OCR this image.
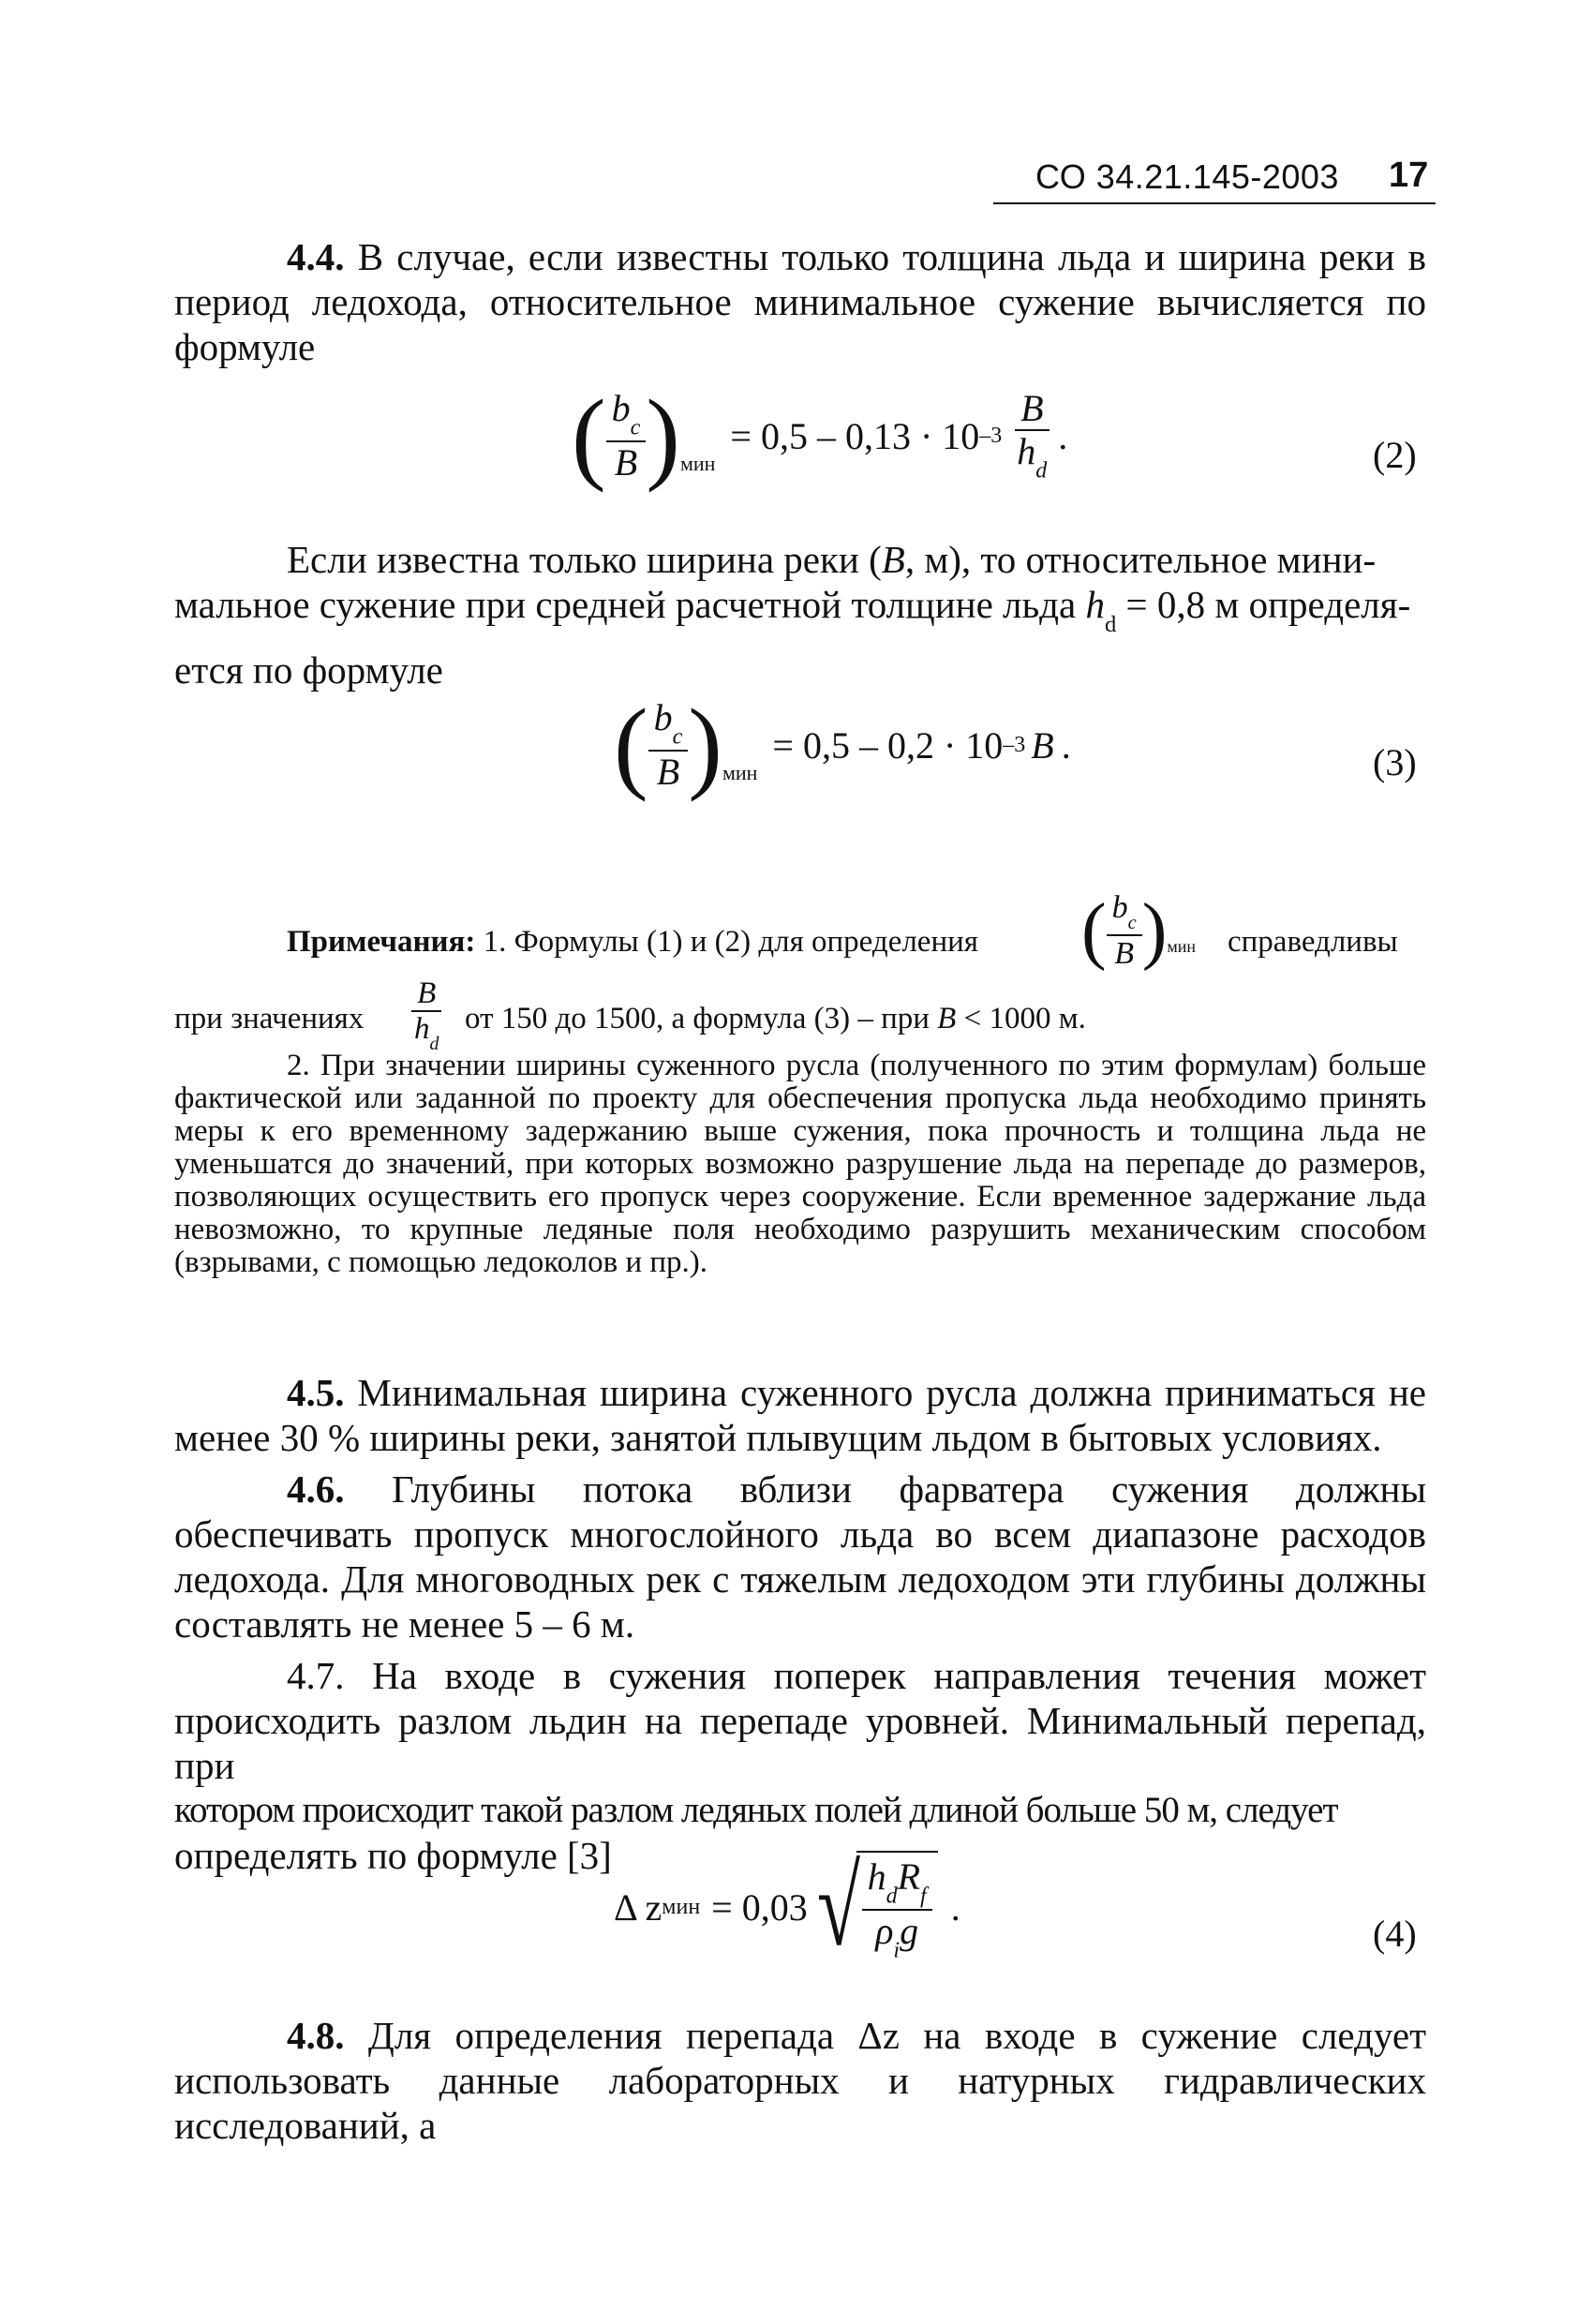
СО 34.21.145-2003 17

4.4. В случае, если известны только толщина льда и ширина реки в период ледохода, относительное минимальное сужение вычисляется по формуле

( $\frac{b_с}{B}$ ) мин
= 0,5 – 0,13 · 10 $-3 \frac{B}{h_d}$ .	(2)
Если известна только ширина реки (B, м), то относительное мини-
мальное сужение при средней расчетной толщине льда $h_d = 0,8$ м определя-
ется по формуле
( $\frac{b_с}{B}$ ) мин
= 0,5 – 0,2 · 10 –3 B .	(3)
Примечания: 1. Формулы (1) и (2) для определения ( $\frac{b_с}{B}$ ) мин справедливы
при значениях $\frac{B}{h_d}$ от 150 до 1500, а формула (3) – при B < 1000 м.

2. При значении ширины суженного русла (полученного по этим формулам) больше фактической или заданной по проекту для обеспечения пропуска льда необходимо принять меры к его временному задержанию выше сужения, пока прочность и толщина льда не уменьшатся до значений, при которых возможно разрушение льда на перепаде до размеров, позволяющих осуществить его пропуск через сооружение. Если временное задержание льда невозможно, то крупные ледяные поля необходимо разрушить механическим способом (взрывами, с помощью ледоколов и пр.).

4.5. Минимальная ширина суженного русла должна приниматься не менее 30 % ширины реки, занятой плывущим льдом в бытовых условиях.

4.6. Глубины потока вблизи фарватера сужения должны обеспечивать пропуск многослойного льда во всем диапазоне расходов ледохода. Для многоводных рек с тяжелым ледоходом эти глубины должны составлять не менее 5 – 6 м.

4.7. На входе в сужения поперек направления течения может происходить разлом льдин на перепаде уровней. Минимальный перепад, при

котором происходит такой разлом ледяных полей длиной больше 50 м, следует
определять по формуле [3]
Δ z мин = 0,03 √ $\frac{h_dR_f}{\rho_ig}$ .
(4)

4.8. Для определения перепада Δz на входе в сужение следует использовать данные лабораторных и натурных гидравлических исследований, а
